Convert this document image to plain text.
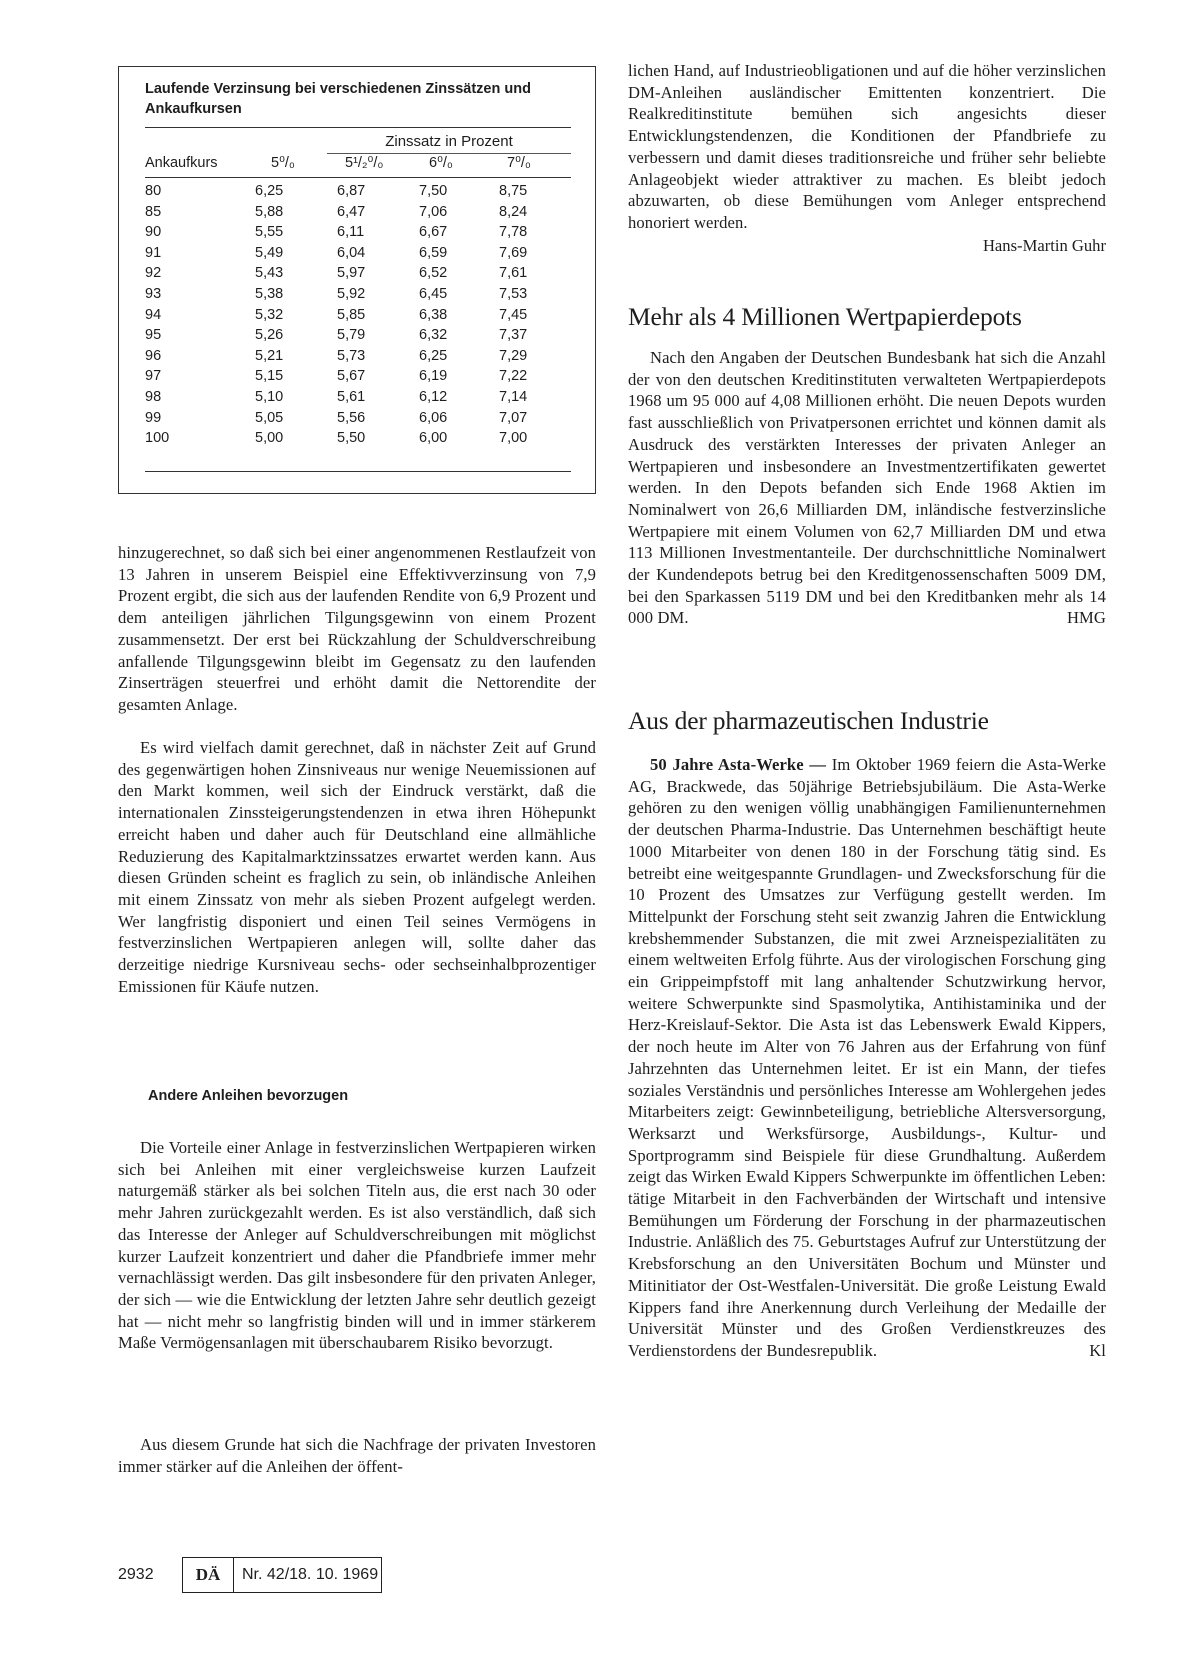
Laufende Verzinsung bei verschiedenen Zinssätzen und Ankaufkursen

Zinssatz in Prozent
Ankaufkurs	5⁰/₀	5¹/₂⁰/₀	6⁰/₀	7⁰/₀
80	6,25	6,87	7,50	8,75
85	5,88	6,47	7,06	8,24
90	5,55	6,11	6,67	7,78
91	5,49	6,04	6,59	7,69
92	5,43	5,97	6,52	7,61
93	5,38	5,92	6,45	7,53
94	5,32	5,85	6,38	7,45
95	5,26	5,79	6,32	7,37
96	5,21	5,73	6,25	7,29
97	5,15	5,67	6,19	7,22
98	5,10	5,61	6,12	7,14
99	5,05	5,56	6,06	7,07
100	5,00	5,50	6,00	7,00

hinzugerechnet, so daß sich bei einer angenommenen Restlaufzeit von 13 Jahren in unserem Beispiel eine Effektivverzinsung von 7,9 Prozent ergibt, die sich aus der laufenden Rendite von 6,9 Prozent und dem anteiligen jährlichen Tilgungsgewinn von einem Prozent zusammensetzt. Der erst bei Rückzahlung der Schuldverschreibung anfallende Tilgungsgewinn bleibt im Gegensatz zu den laufenden Zinserträgen steuerfrei und erhöht damit die Nettorendite der gesamten Anlage.

Es wird vielfach damit gerechnet, daß in nächster Zeit auf Grund des gegenwärtigen hohen Zinsniveaus nur wenige Neuemissionen auf den Markt kommen, weil sich der Eindruck verstärkt, daß die internationalen Zinssteigerungstendenzen in etwa ihren Höhepunkt erreicht haben und daher auch für Deutschland eine allmähliche Reduzierung des Kapitalmarktzinssatzes erwartet werden kann. Aus diesen Gründen scheint es fraglich zu sein, ob inländische Anleihen mit einem Zinssatz von mehr als sieben Prozent aufgelegt werden. Wer langfristig disponiert und einen Teil seines Vermögens in festverzinslichen Wertpapieren anlegen will, sollte daher das derzeitige niedrige Kursniveau sechs- oder sechseinhalbprozentiger Emissionen für Käufe nutzen.

Andere Anleihen bevorzugen

Die Vorteile einer Anlage in festverzinslichen Wertpapieren wirken sich bei Anleihen mit einer vergleichsweise kurzen Laufzeit naturgemäß stärker als bei solchen Titeln aus, die erst nach 30 oder mehr Jahren zurückgezahlt werden. Es ist also verständlich, daß sich das Interesse der Anleger auf Schuldverschreibungen mit möglichst kurzer Laufzeit konzentriert und daher die Pfandbriefe immer mehr vernachlässigt werden. Das gilt insbesondere für den privaten Anleger, der sich — wie die Entwicklung der letzten Jahre sehr deutlich gezeigt hat — nicht mehr so langfristig binden will und in immer stärkerem Maße Vermögensanlagen mit überschaubarem Risiko bevorzugt.

Aus diesem Grunde hat sich die Nachfrage der privaten Investoren immer stärker auf die Anleihen der öffent-

lichen Hand, auf Industrieobligationen und auf die höher verzinslichen DM-Anleihen ausländischer Emittenten konzentriert. Die Realkreditinstitute bemühen sich angesichts dieser Entwicklungstendenzen, die Konditionen der Pfandbriefe zu verbessern und damit dieses traditionsreiche und früher sehr beliebte Anlageobjekt wieder attraktiver zu machen. Es bleibt jedoch abzuwarten, ob diese Bemühungen vom Anleger entsprechend honoriert werden.

Hans-Martin Guhr
Mehr als 4 Millionen Wertpapierdepots

Nach den Angaben der Deutschen Bundesbank hat sich die Anzahl der von den deutschen Kreditinstituten verwalteten Wertpapierdepots 1968 um 95 000 auf 4,08 Millionen erhöht. Die neuen Depots wurden fast ausschließlich von Privatpersonen errichtet und können damit als Ausdruck des verstärkten Interesses der privaten Anleger an Wertpapieren und insbesondere an Investmentzertifikaten gewertet werden. In den Depots befanden sich Ende 1968 Aktien im Nominalwert von 26,6 Milliarden DM, inländische festverzinsliche Wertpapiere mit einem Volumen von 62,7 Milliarden DM und etwa 113 Millionen Investmentanteile. Der durchschnittliche Nominalwert der Kundendepots betrug bei den Kreditgenossenschaften 5009 DM, bei den Sparkassen 5119 DM und bei den Kreditbanken mehr als 14 000 DM.	HMG

Aus der pharmazeutischen Industrie

50 Jahre Asta-Werke — Im Oktober 1969 feiern die Asta-Werke AG, Brackwede, das 50jährige Betriebsjubiläum. Die Asta-Werke gehören zu den wenigen völlig unabhängigen Familienunternehmen der deutschen Pharma-Industrie. Das Unternehmen beschäftigt heute 1000 Mitarbeiter von denen 180 in der Forschung tätig sind. Es betreibt eine weitgespannte Grundlagen- und Zwecksforschung für die 10 Prozent des Umsatzes zur Verfügung gestellt werden. Im Mittelpunkt der Forschung steht seit zwanzig Jahren die Entwicklung krebshemmender Substanzen, die mit zwei Arzneispezialitäten zu einem weltweiten Erfolg führte. Aus der virologischen Forschung ging ein Grippeimpfstoff mit lang anhaltender Schutzwirkung hervor, weitere Schwerpunkte sind Spasmolytika, Antihistaminika und der Herz-Kreislauf-Sektor. Die Asta ist das Lebenswerk Ewald Kippers, der noch heute im Alter von 76 Jahren aus der Erfahrung von fünf Jahrzehnten das Unternehmen leitet. Er ist ein Mann, der tiefes soziales Verständnis und persönliches Interesse am Wohlergehen jedes Mitarbeiters zeigt: Gewinnbeteiligung, betriebliche Altersversorgung, Werksarzt und Werksfürsorge, Ausbildungs-, Kultur- und Sportprogramm sind Beispiele für diese Grundhaltung. Außerdem zeigt das Wirken Ewald Kippers Schwerpunkte im öffentlichen Leben: tätige Mitarbeit in den Fachverbänden der Wirtschaft und intensive Bemühungen um Förderung der Forschung in der pharmazeutischen Industrie. Anläßlich des 75. Geburtstages Aufruf zur Unterstützung der Krebsforschung an den Universitäten Bochum und Münster und Mitinitiator der Ost-Westfalen-Universität. Die große Leistung Ewald Kippers fand ihre Anerkennung durch Verleihung der Medaille der Universität Münster und des Großen Verdienstkreuzes des Verdienstordens der Bundesrepublik.	Kl

2932	DÄ	Nr. 42/18. 10. 1969
